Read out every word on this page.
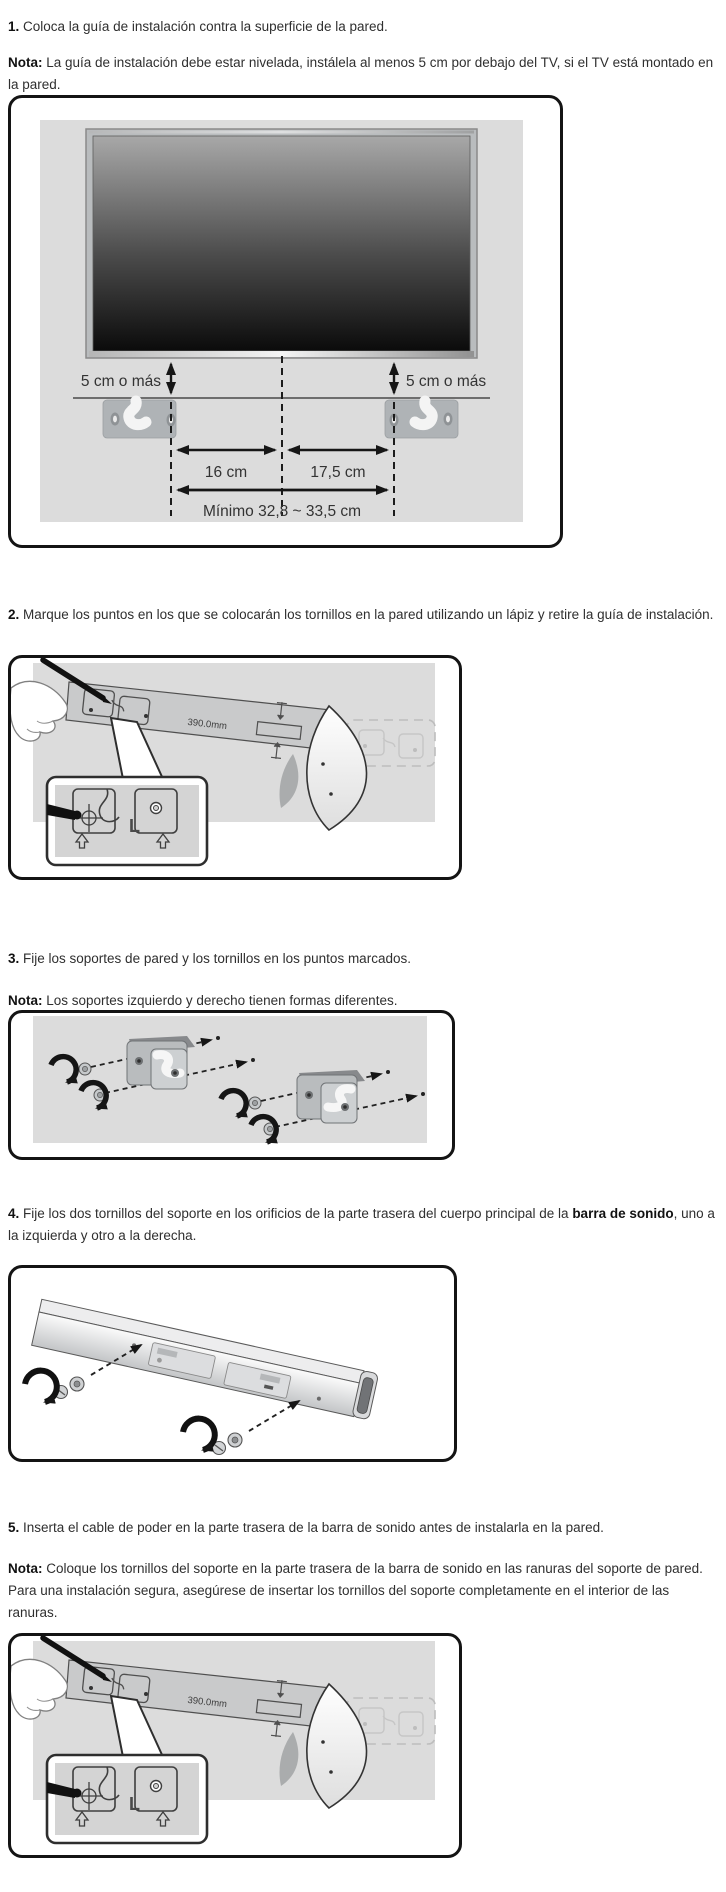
1. Coloca la guía de instalación contra la superficie de la pared.

Nota: La guía de instalación debe estar nivelada, instálela al menos 5 cm por debajo del TV, si el TV está montado en la pared.

5 cm o más	5 cm o más
16 cm	17,5 cm
Mínimo 32,8 ~ 33,5 cm

2. Marque los puntos en los que se colocarán los tornillos en la pared utilizando un lápiz y retire la guía de instalación.

390.0mm
L

3. Fije los soportes de pared y los tornillos en los puntos marcados.

Nota: Los soportes izquierdo y derecho tienen formas diferentes.

4. Fije los dos tornillos del soporte en los orificios de la parte trasera del cuerpo principal de la barra de sonido, uno a la izquierda y otro a la derecha.

5. Inserta el cable de poder en la parte trasera de la barra de sonido antes de instalarla en la pared.

Nota: Coloque los tornillos del soporte en la parte trasera de la barra de sonido en las ranuras del soporte de pared. Para una instalación segura, asegúrese de insertar los tornillos del soporte completamente en el interior de las ranuras.

390.0mm
L
